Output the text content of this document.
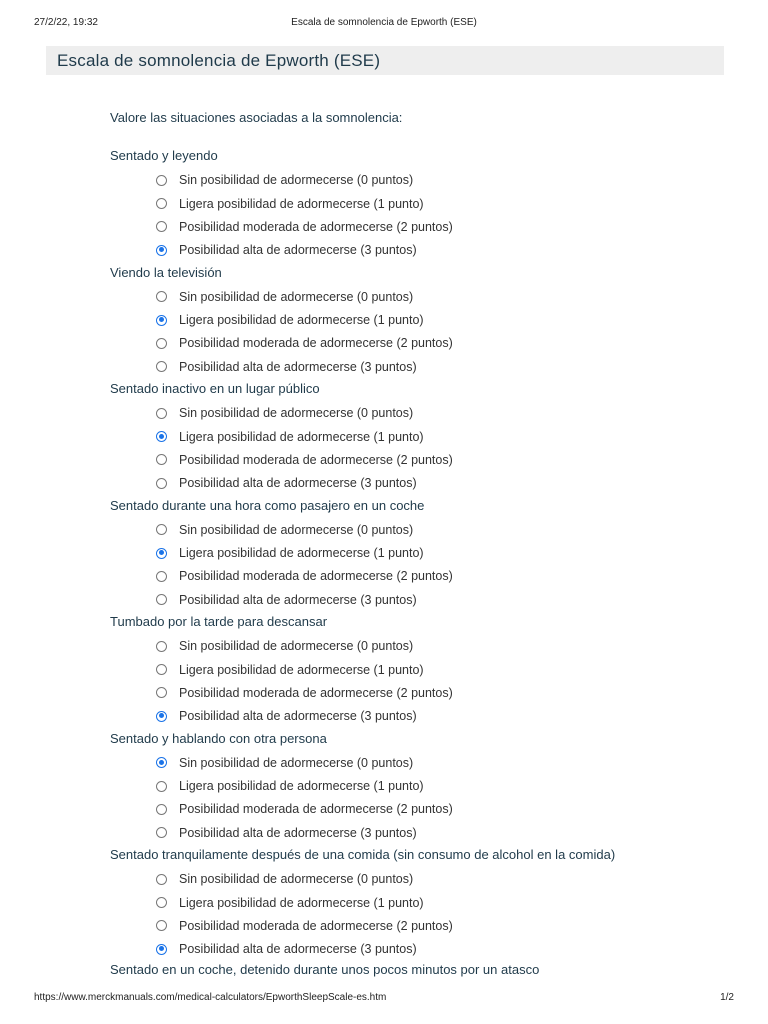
27/2/22, 19:32	Escala de somnolencia de Epworth (ESE)
Escala de somnolencia de Epworth (ESE)
Valore las situaciones asociadas a la somnolencia:
Sentado y leyendo
Sin posibilidad de adormecerse (0 puntos)
Ligera posibilidad de adormecerse (1 punto)
Posibilidad moderada de adormecerse (2 puntos)
Posibilidad alta de adormecerse (3 puntos)
Viendo la televisión
Sin posibilidad de adormecerse (0 puntos)
Ligera posibilidad de adormecerse (1 punto)
Posibilidad moderada de adormecerse (2 puntos)
Posibilidad alta de adormecerse (3 puntos)
Sentado inactivo en un lugar público
Sin posibilidad de adormecerse (0 puntos)
Ligera posibilidad de adormecerse (1 punto)
Posibilidad moderada de adormecerse (2 puntos)
Posibilidad alta de adormecerse (3 puntos)
Sentado durante una hora como pasajero en un coche
Sin posibilidad de adormecerse (0 puntos)
Ligera posibilidad de adormecerse (1 punto)
Posibilidad moderada de adormecerse (2 puntos)
Posibilidad alta de adormecerse (3 puntos)
Tumbado por la tarde para descansar
Sin posibilidad de adormecerse (0 puntos)
Ligera posibilidad de adormecerse (1 punto)
Posibilidad moderada de adormecerse (2 puntos)
Posibilidad alta de adormecerse (3 puntos)
Sentado y hablando con otra persona
Sin posibilidad de adormecerse (0 puntos)
Ligera posibilidad de adormecerse (1 punto)
Posibilidad moderada de adormecerse (2 puntos)
Posibilidad alta de adormecerse (3 puntos)
Sentado tranquilamente después de una comida (sin consumo de alcohol en la comida)
Sin posibilidad de adormecerse (0 puntos)
Ligera posibilidad de adormecerse (1 punto)
Posibilidad moderada de adormecerse (2 puntos)
Posibilidad alta de adormecerse (3 puntos)
Sentado en un coche, detenido durante unos pocos minutos por un atasco
https://www.merckmanuals.com/medical-calculators/EpworthSleepScale-es.htm	1/2
